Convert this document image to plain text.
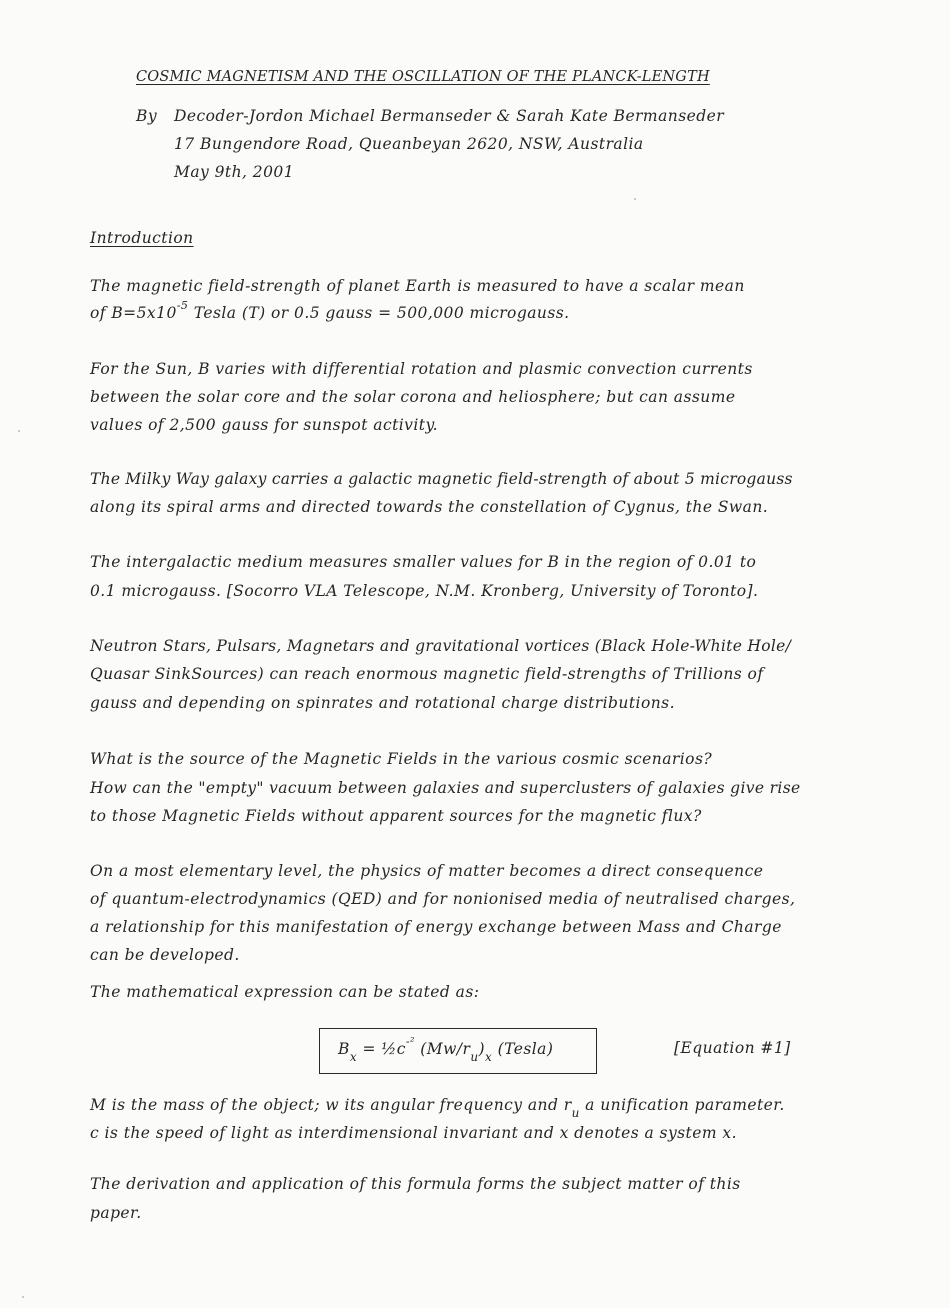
COSMIC MAGNETISM AND THE OSCILLATION OF THE PLANCK-LENGTH
By Decoder-Jordon Michael Bermanseder & Sarah Kate Bermanseder
17 Bungendore Road, Queanbeyan 2620, NSW, Australia
May 9th, 2001
Introduction
The magnetic field-strength of planet Earth is measured to have a scalar mean
of $B=5x10^{-5}$ Tesla (T) or 0.5 gauss = 500,000 microgauss.
For the Sun, B varies with differential rotation and plasmic convection currents
between the solar core and the solar corona and heliosphere; but can assume
values of 2,500 gauss for sunspot activity.
The Milky Way galaxy carries a galactic magnetic field-strength of about 5 microgauss
along its spiral arms and directed towards the constellation of Cygnus, the Swan.
The intergalactic medium measures smaller values for B in the region of 0.01 to
0.1 microgauss. [Socorro VLA Telescope, N.M. Kronberg, University of Toronto].
Neutron Stars, Pulsars, Magnetars and gravitational vortices (Black Hole-White Hole/
Quasar SinkSources) can reach enormous magnetic field-strengths of Trillions of
gauss and depending on spinrates and rotational charge distributions.
What is the source of the Magnetic Fields in the various cosmic scenarios?
How can the "empty" vacuum between galaxies and superclusters of galaxies give rise
to those Magnetic Fields without apparent sources for the magnetic flux?
On a most elementary level, the physics of matter becomes a direct consequence
of quantum-electrodynamics (QED) and for nonionised media of neutralised charges,
a relationship for this manifestation of energy exchange between Mass and Charge
can be developed.
The mathematical expression can be stated as:
$B_x$ = $\frac{1}{2}c^{-^2}$ $(Mw/r_u)_x$ (Tesla)	[Equation #1]
M is the mass of the object; w its angular frequency and $r_u$ a unification parameter.
c is the speed of light as interdimensional invariant and x denotes a system x.
The derivation and application of this formula forms the subject matter of this
paper.
